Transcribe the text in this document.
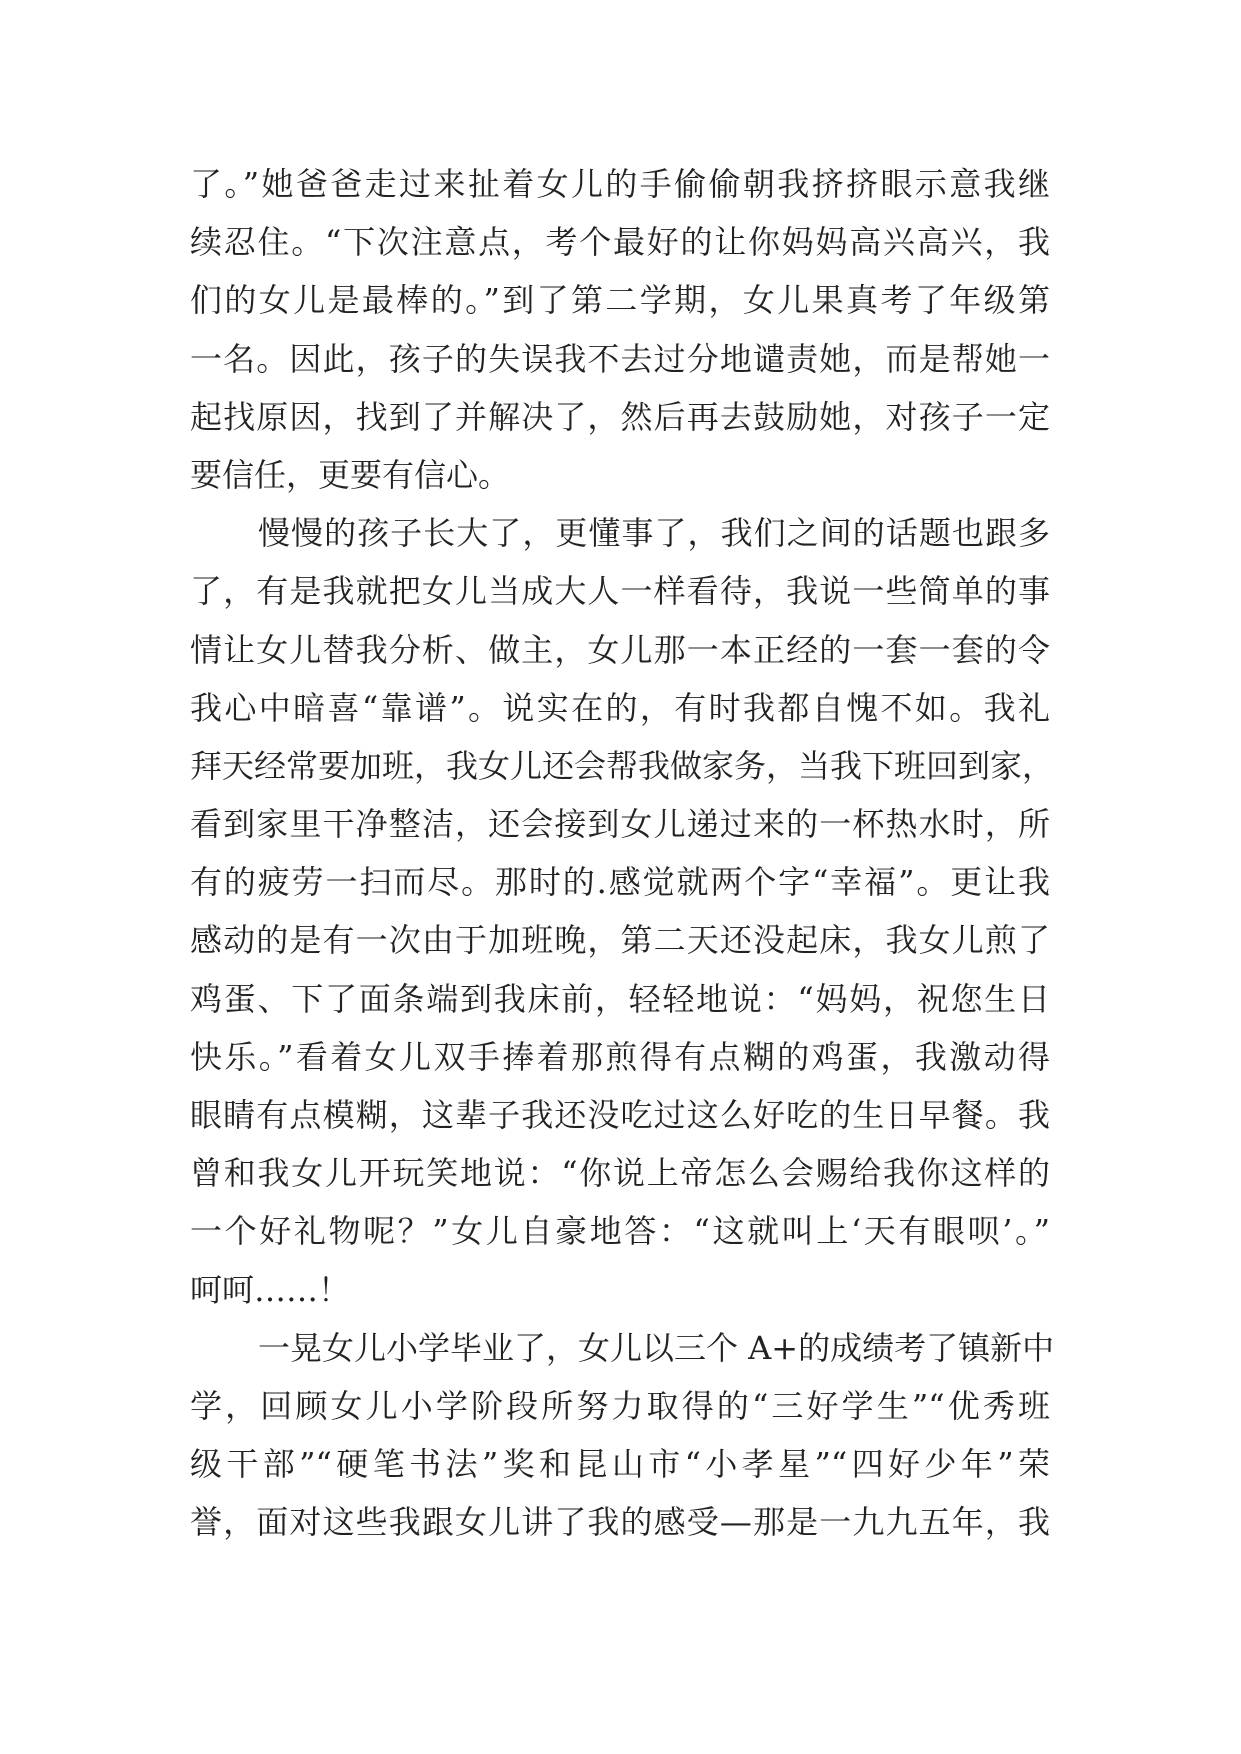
了。”她爸爸走过来扯着女儿的手偷偷朝我挤挤眼示意我继
续忍住。“下次注意点，考个最好的让你妈妈高兴高兴，我
们的女儿是最棒的。”到了第二学期，女儿果真考了年级第
一名。因此，孩子的失误我不去过分地谴责她，而是帮她一
起找原因，找到了并解决了，然后再去鼓励她，对孩子一定
要信任，更要有信心。
慢慢的孩子长大了，更懂事了，我们之间的话题也跟多
了，有是我就把女儿当成大人一样看待，我说一些简单的事
情让女儿替我分析、做主，女儿那一本正经的一套一套的令
我心中暗喜“靠谱”。说实在的，有时我都自愧不如。我礼
拜天经常要加班，我女儿还会帮我做家务，当我下班回到家，
看到家里干净整洁，还会接到女儿递过来的一杯热水时，所
有的疲劳一扫而尽。那时的.感觉就两个字“幸福”。更让我
感动的是有一次由于加班晚，第二天还没起床，我女儿煎了
鸡蛋、下了面条端到我床前，轻轻地说：“妈妈，祝您生日
快乐。”看着女儿双手捧着那煎得有点糊的鸡蛋，我激动得
眼睛有点模糊，这辈子我还没吃过这么好吃的生日早餐。我
曾和我女儿开玩笑地说：“你说上帝怎么会赐给我你这样的
一个好礼物呢？”女儿自豪地答：“这就叫上‘天有眼呗’。”
呵呵……！
一晃女儿小学毕业了，女儿以三个 A+的成绩考了镇新中
学，回顾女儿小学阶段所努力取得的“三好学生”“优秀班
级干部”“硬笔书法”奖和昆山市“小孝星”“四好少年”荣
誉，面对这些我跟女儿讲了我的感受—那是一九九五年，我
